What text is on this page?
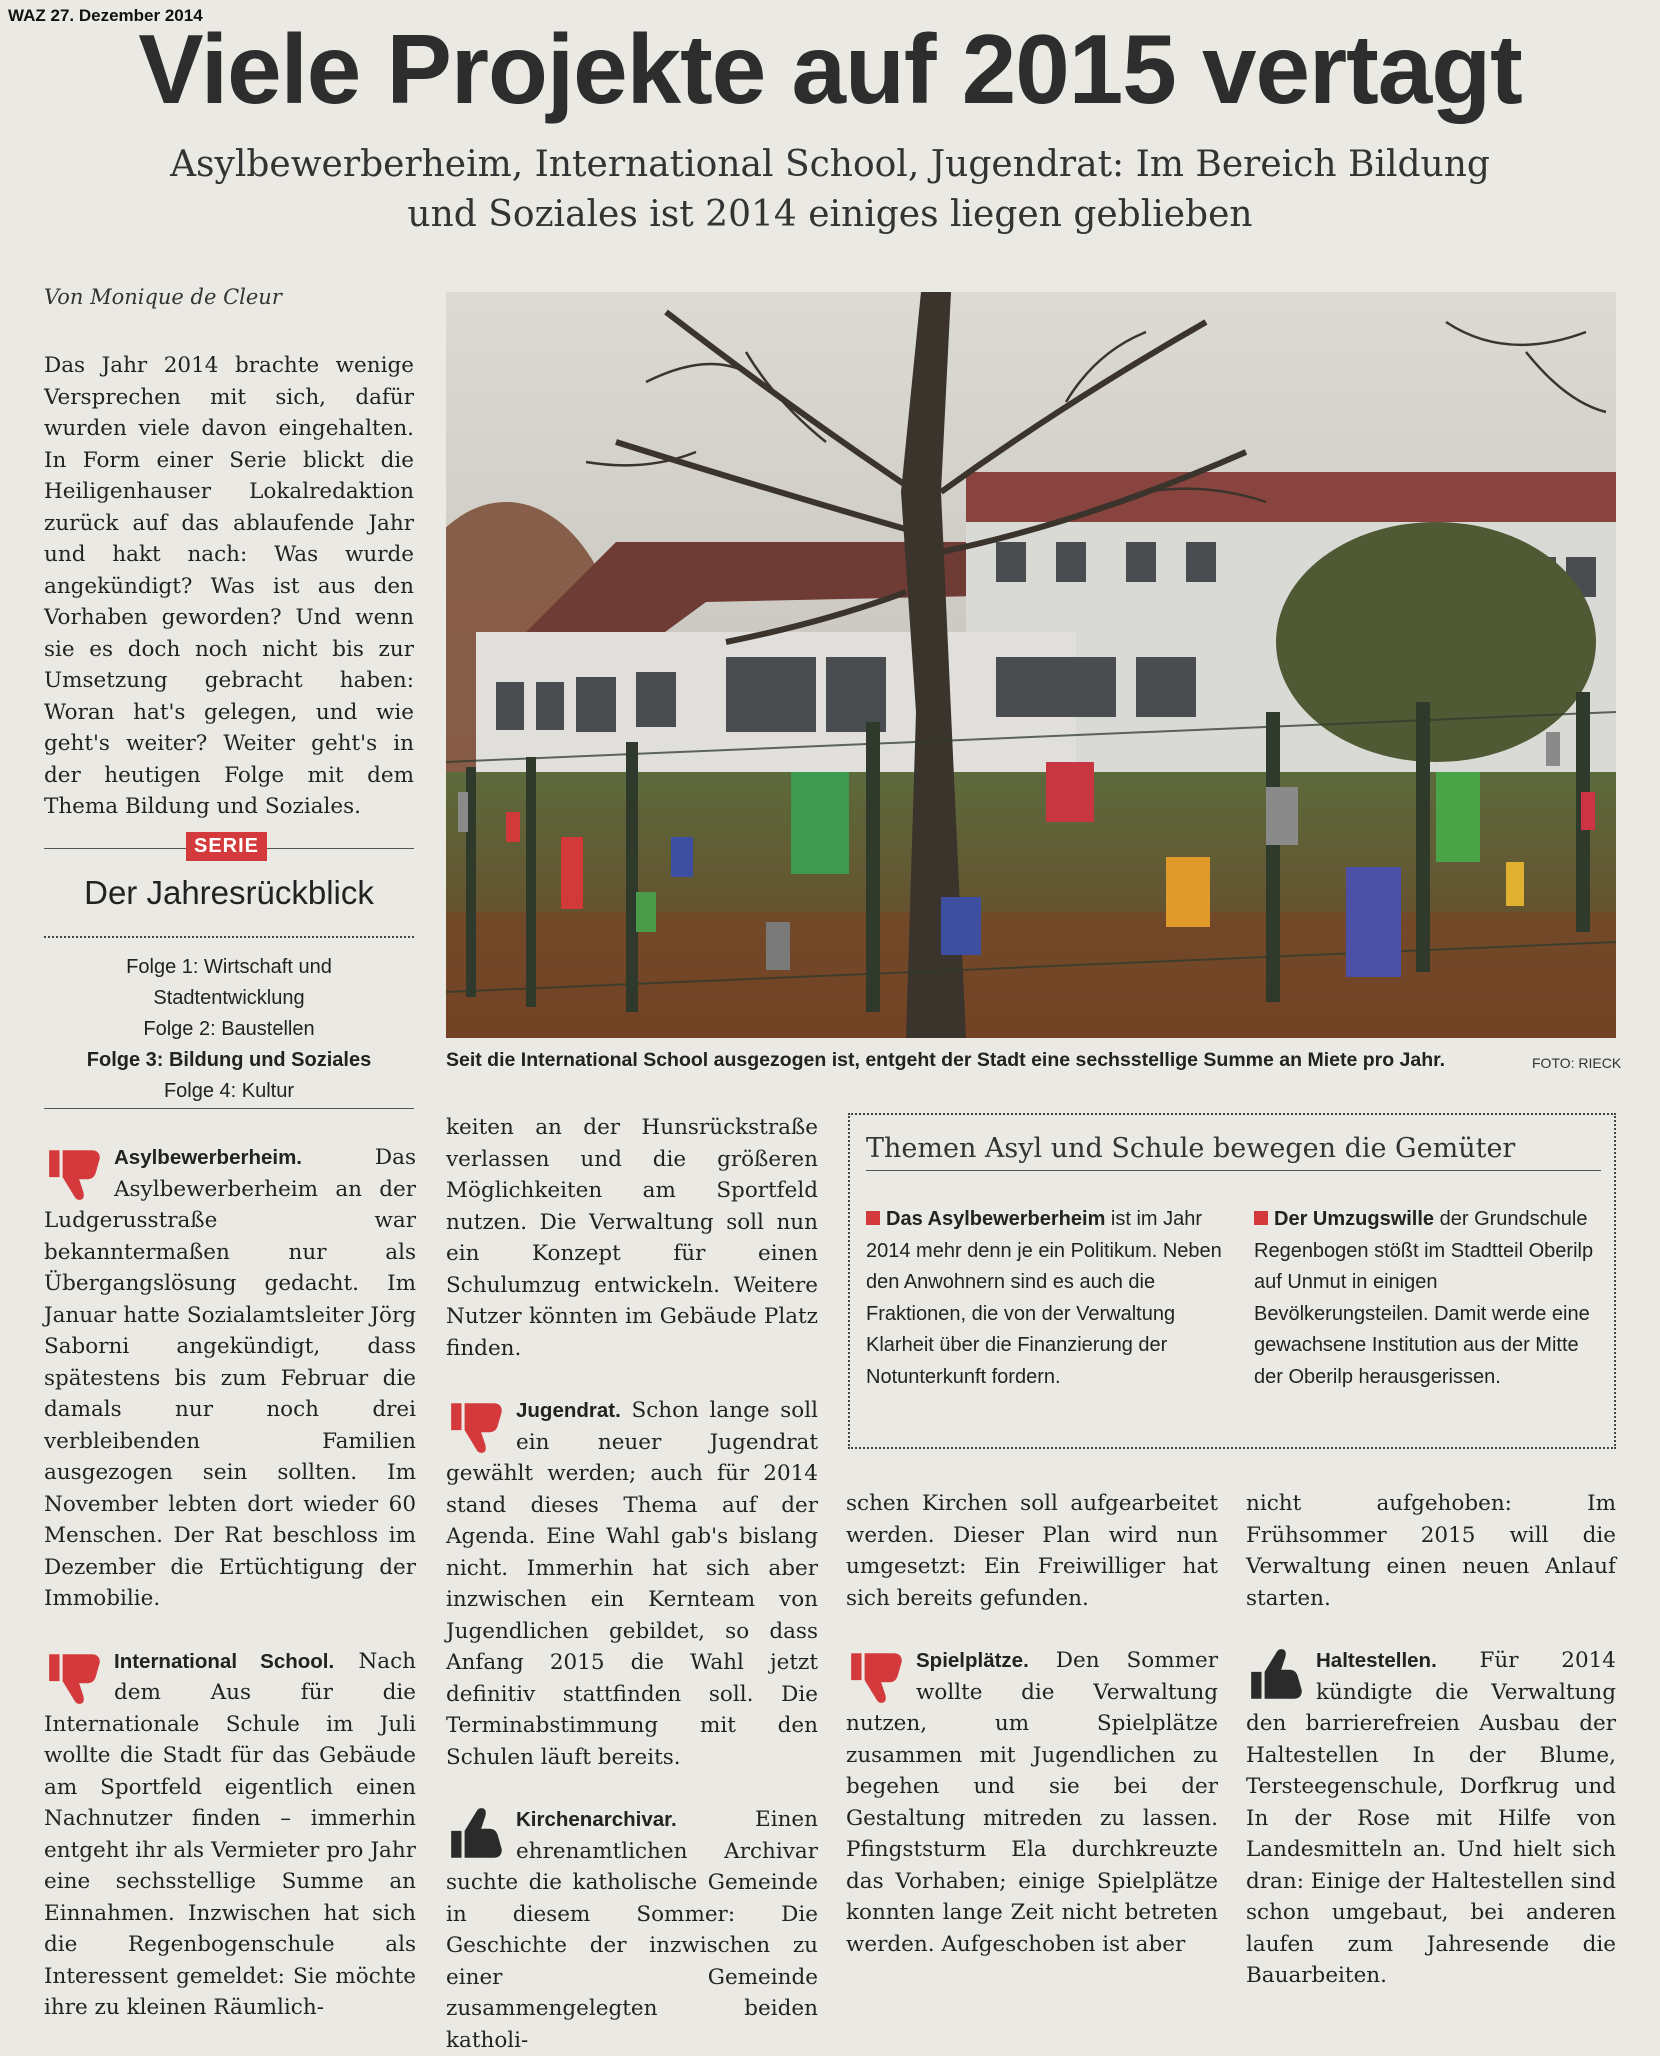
WAZ 27. Dezember 2014
Viele Projekte auf 2015 vertagt
Asylbewerberheim, International School, Jugendrat: Im Bereich Bildung
und Soziales ist 2014 einiges liegen geblieben
Von Monique de Cleur
Das Jahr 2014 brachte wenige Versprechen mit sich, dafür wurden viele davon eingehalten. In Form einer Serie blickt die Heiligenhauser Lokalredaktion zurück auf das ablaufende Jahr und hakt nach: Was wurde angekündigt? Was ist aus den Vorhaben geworden? Und wenn sie es doch noch nicht bis zur Umsetzung gebracht haben: Woran hat's gelegen, und wie geht's weiter? Weiter geht's in der heutigen Folge mit dem Thema Bildung und Soziales.
SERIE
Der Jahresrückblick
Folge 1: Wirtschaft und
Stadtentwicklung
Folge 2: Baustellen
Folge 3: Bildung und Soziales
Folge 4: Kultur
Seit die International School ausgezogen ist, entgeht der Stadt eine sechsstellige Summe an Miete pro Jahr.	FOTO: RIECK

Asylbewerberheim. Das Asylbewerberheim an der Ludgerusstraße war bekanntermaßen nur als Übergangslösung gedacht. Im Januar hatte Sozialamtsleiter Jörg Saborni angekündigt, dass spätestens bis zum Februar die damals nur noch drei verbleibenden Familien ausgezogen sein sollten. Im November lebten dort wieder 60 Menschen. Der Rat beschloss im Dezember die Ertüchtigung der Immobilie.

International School. Nach dem Aus für die Internationale Schule im Juli wollte die Stadt für das Gebäude am Sportfeld eigentlich einen Nachnutzer finden – immerhin entgeht ihr als Vermieter pro Jahr eine sechsstellige Summe an Einnahmen. Inzwischen hat sich die Regenbogenschule als Interessent gemeldet: Sie möchte ihre zu kleinen Räumlich-

keiten an der Hunsrückstraße verlassen und die größeren Möglichkeiten am Sportfeld nutzen. Die Verwaltung soll nun ein Konzept für einen Schulumzug entwickeln. Weitere Nutzer könnten im Gebäude Platz finden.

Jugendrat. Schon lange soll ein neuer Jugendrat gewählt werden; auch für 2014 stand dieses Thema auf der Agenda. Eine Wahl gab's bislang nicht. Immerhin hat sich aber inzwischen ein Kernteam von Jugendlichen gebildet, so dass Anfang 2015 die Wahl jetzt definitiv stattfinden soll. Die Terminabstimmung mit den Schulen läuft bereits.

Kirchenarchivar. Einen ehrenamtlichen Archivar suchte die katholische Gemeinde in diesem Sommer: Die Geschichte der inzwischen zu einer Gemeinde zusammengelegten beiden katholi-

Themen Asyl und Schule bewegen die Gemüter
Das Asylbewerberheim ist im Jahr 2014 mehr denn je ein Politikum. Neben den Anwohnern sind es auch die Fraktionen, die von der Verwaltung Klarheit über die Finanzierung der Notunterkunft fordern.
Der Umzugswille der Grundschule Regenbogen stößt im Stadtteil Oberilp auf Unmut in einigen Bevölkerungsteilen. Damit werde eine gewachsene Institution aus der Mitte der Oberilp herausgerissen.

schen Kirchen soll aufgearbeitet werden. Dieser Plan wird nun umgesetzt: Ein Freiwilliger hat sich bereits gefunden.

Spielplätze. Den Sommer wollte die Verwaltung nutzen, um Spielplätze zusammen mit Jugendlichen zu begehen und sie bei der Gestaltung mitreden zu lassen. Pfingststurm Ela durchkreuzte das Vorhaben; einige Spielplätze konnten lange Zeit nicht betreten werden. Aufgeschoben ist aber

nicht aufgehoben: Im Frühsommer 2015 will die Verwaltung einen neuen Anlauf starten.

Haltestellen. Für 2014 kündigte die Verwaltung den barrierefreien Ausbau der Haltestellen In der Blume, Tersteegenschule, Dorfkrug und In der Rose mit Hilfe von Landesmitteln an. Und hielt sich dran: Einige der Haltestellen sind schon umgebaut, bei anderen laufen zum Jahresende die Bauarbeiten.
